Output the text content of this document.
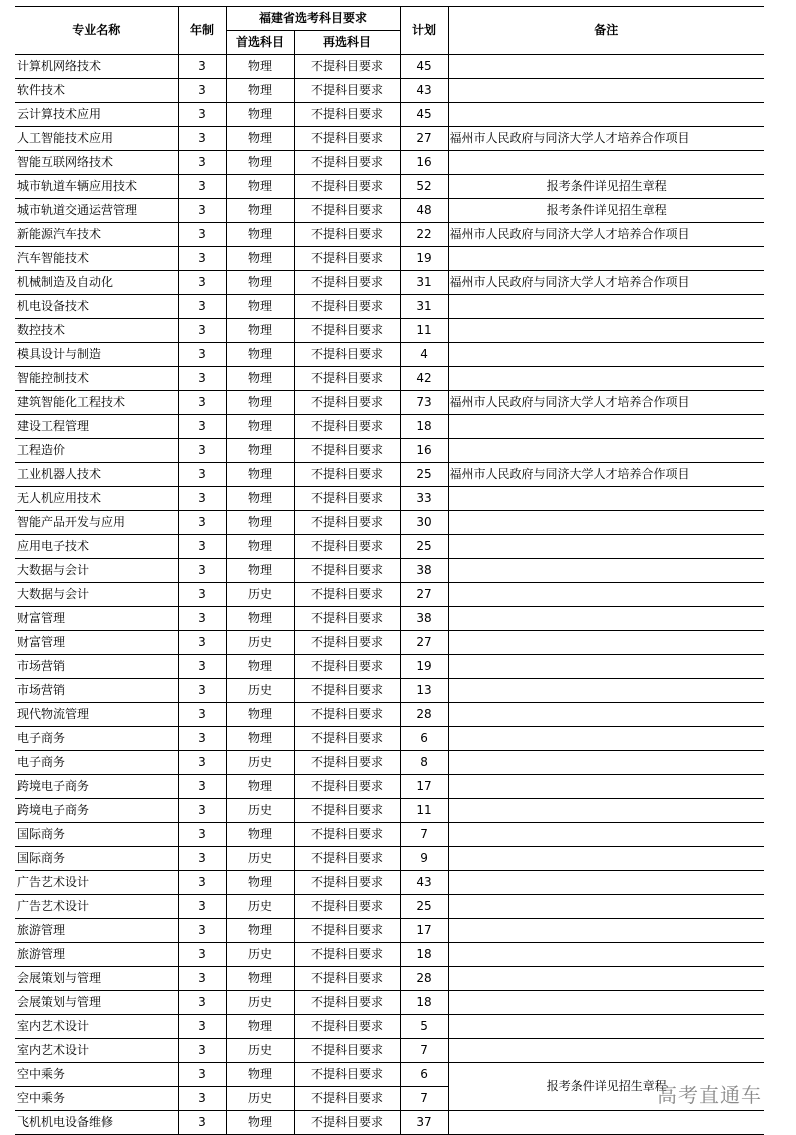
专业名称	年制	福建省选考科目要求		计划	备注
		首选科目	再选科目		
计算机网络技术	3	物理	不提科目要求	45	
软件技术	3	物理	不提科目要求	43	
云计算技术应用	3	物理	不提科目要求	45	
人工智能技术应用	3	物理	不提科目要求	27	福州市人民政府与同济大学人才培养合作项目
智能互联网络技术	3	物理	不提科目要求	16	
城市轨道车辆应用技术	3	物理	不提科目要求	52	报考条件详见招生章程
城市轨道交通运营管理	3	物理	不提科目要求	48	报考条件详见招生章程
新能源汽车技术	3	物理	不提科目要求	22	福州市人民政府与同济大学人才培养合作项目
汽车智能技术	3	物理	不提科目要求	19	
机械制造及自动化	3	物理	不提科目要求	31	福州市人民政府与同济大学人才培养合作项目
机电设备技术	3	物理	不提科目要求	31	
数控技术	3	物理	不提科目要求	11	
模具设计与制造	3	物理	不提科目要求	4	
智能控制技术	3	物理	不提科目要求	42	
建筑智能化工程技术	3	物理	不提科目要求	73	福州市人民政府与同济大学人才培养合作项目
建设工程管理	3	物理	不提科目要求	18	
工程造价	3	物理	不提科目要求	16	
工业机器人技术	3	物理	不提科目要求	25	福州市人民政府与同济大学人才培养合作项目
无人机应用技术	3	物理	不提科目要求	33	
智能产品开发与应用	3	物理	不提科目要求	30	
应用电子技术	3	物理	不提科目要求	25	
大数据与会计	3	物理	不提科目要求	38	
大数据与会计	3	历史	不提科目要求	27	
财富管理	3	物理	不提科目要求	38	
财富管理	3	历史	不提科目要求	27	
市场营销	3	物理	不提科目要求	19	
市场营销	3	历史	不提科目要求	13	
现代物流管理	3	物理	不提科目要求	28	
电子商务	3	物理	不提科目要求	6	
电子商务	3	历史	不提科目要求	8	
跨境电子商务	3	物理	不提科目要求	17	
跨境电子商务	3	历史	不提科目要求	11	
国际商务	3	物理	不提科目要求	7	
国际商务	3	历史	不提科目要求	9	
广告艺术设计	3	物理	不提科目要求	43	
广告艺术设计	3	历史	不提科目要求	25	
旅游管理	3	物理	不提科目要求	17	
旅游管理	3	历史	不提科目要求	18	
会展策划与管理	3	物理	不提科目要求	28	
会展策划与管理	3	历史	不提科目要求	18	
室内艺术设计	3	物理	不提科目要求	5	
室内艺术设计	3	历史	不提科目要求	7	
空中乘务	3	物理	不提科目要求	6	报考条件详见招生章程
空中乘务	3	历史	不提科目要求	7	
飞机机电设备维修	3	物理	不提科目要求	37	
高考直通车
